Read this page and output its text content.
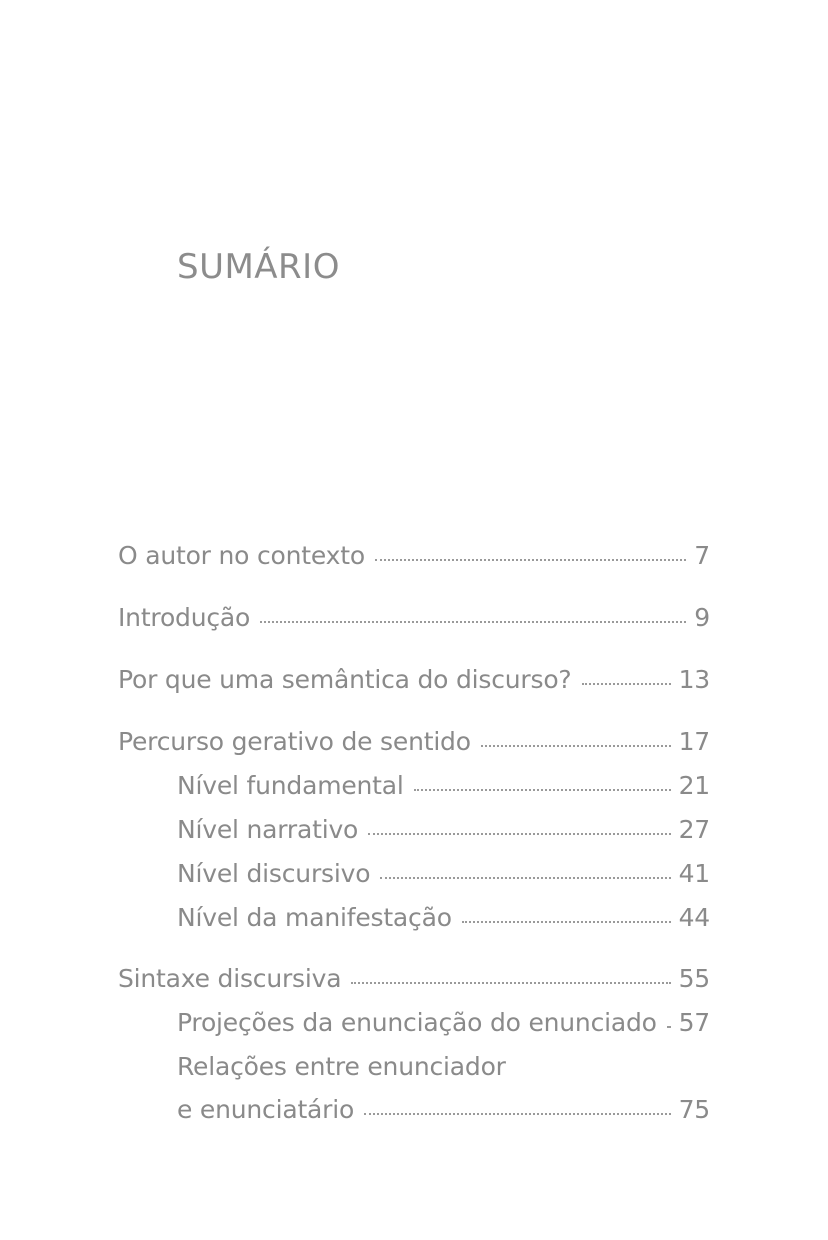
SUMÁRIO
O autor no contexto	7
Introdução	9
Por que uma semântica do discurso?	13
Percurso gerativo de sentido	17
Nível fundamental	21
Nível narrativo	27
Nível discursivo	41
Nível da manifestação	44
Sintaxe discursiva	55
Projeções da enunciação do enunciado 57
Relações entre enunciador
e enunciatário	75
